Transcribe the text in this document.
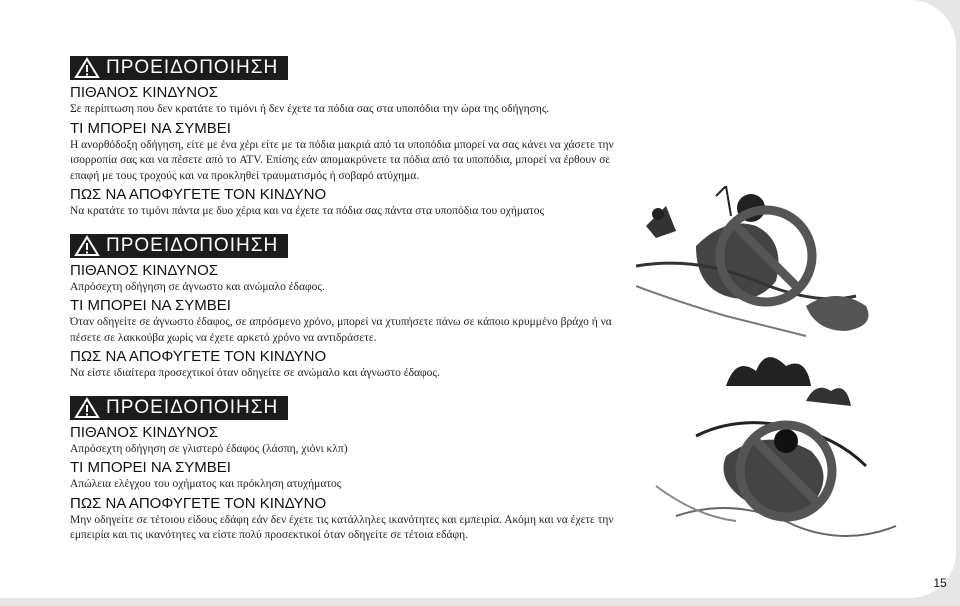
ΠΡΟΕΙΔΟΠΟΙΗΣΗ
ΠΙΘΑΝΟΣ ΚΙΝΔΥΝΟΣ

Σε περίπτωση που δεν κρατάτε το τιμόνι ή δεν έχετε τα πόδια σας στα υποπόδια την ώρα της οδήγησης.

ΤΙ ΜΠΟΡΕΙ ΝΑ ΣΥΜΒΕΙ

Η ανορθόδοξη οδήγηση, είτε με ένα χέρι είτε με τα πόδια μακριά από τα υποπόδια μπορεί να σας κάνει να χάσετε την ισορροπία σας και να πέσετε από το ATV. Επίσης εάν απομακρύνετε τα πόδια από τα υποπόδια, μπορεί να έρθουν σε επαφή με τους τροχούς και να προκληθεί τραυματισμός ή σοβαρό ατύχημα.

ΠΩΣ ΝΑ ΑΠΟΦΥΓΕΤΕ ΤΟΝ ΚΙΝΔΥΝΟ

Να κρατάτε το τιμόνι πάντα με δυο χέρια και να έχετε τα πόδια σας πάντα στα υποπόδια του οχήματος

ΠΡΟΕΙΔΟΠΟΙΗΣΗ
ΠΙΘΑΝΟΣ ΚΙΝΔΥΝΟΣ

Απρόσεχτη οδήγηση σε άγνωστο και ανώμαλο έδαφος.

ΤΙ ΜΠΟΡΕΙ ΝΑ ΣΥΜΒΕΙ

Όταν οδηγείτε σε άγνωστο έδαφος, σε απρόσμενο χρόνο, μπορεί να χτυπήσετε πάνω σε κάποιο κρυμμένο βράχο ή να πέσετε σε λακκούβα χωρίς να έχετε αρκετό χρόνο να αντιδράσετε.

ΠΩΣ ΝΑ ΑΠΟΦΥΓΕΤΕ ΤΟΝ ΚΙΝΔΥΝΟ

Να είστε ιδιαίτερα προσεχτικοί όταν οδηγείτε σε ανώμαλο και άγνωστο έδαφος.

ΠΡΟΕΙΔΟΠΟΙΗΣΗ
ΠΙΘΑΝΟΣ ΚΙΝΔΥΝΟΣ

Απρόσεχτη οδήγηση σε γλιστερό έδαφος (λάσπη, χιόνι κλπ)

ΤΙ ΜΠΟΡΕΙ ΝΑ ΣΥΜΒΕΙ

Απώλεια ελέγχου του οχήματος και πρόκληση ατυχήματος

ΠΩΣ ΝΑ ΑΠΟΦΥΓΕΤΕ ΤΟΝ ΚΙΝΔΥΝΟ

Μην οδηγείτε σε τέτοιου είδους εδάφη εάν δεν έχετε τις κατάλληλες ικανότητες και εμπειρία. Ακόμη και να έχετε την εμπειρία και τις ικανότητες να είστε πολύ προσεκτικοί όταν οδηγείτε σε τέτοια εδάφη.

15
